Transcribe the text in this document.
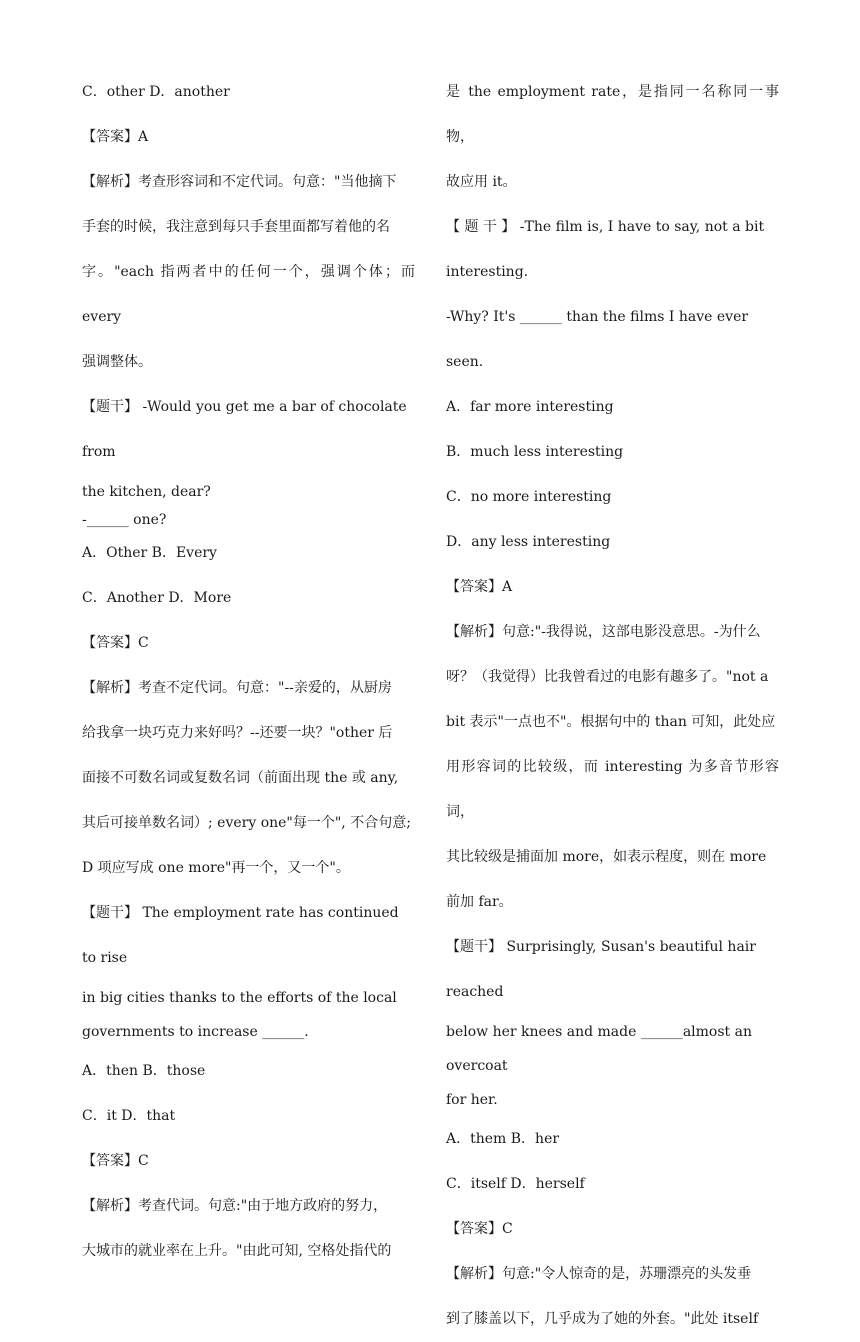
C．other D．another

【答案】A

【解析】考查形容词和不定代词。句意："当他摘下

手套的时候，我注意到每只手套里面都写着他的名

字。"each 指两者中的任何一个，强调个体；而 every

强调整体。

【题干】 -Would you get me a bar of chocolate from

the kitchen, dear?

-______ one?

A．Other B．Every

C．Another D．More

【答案】C

【解析】考查不定代词。句意："--亲爱的，从厨房

给我拿一块巧克力来好吗？--还要一块？"other 后

面接不可数名词或复数名词（前面出现 the 或 any,

其后可接单数名词）; every one"每一个", 不合句意;

D 项应写成 one more"再一个，又一个"。

【题干】 The employment rate has continued to rise

in big cities thanks to the efforts of the local

governments to increase ______.

A．then B．those

C．it D．that

【答案】C

【解析】考查代词。句意:"由于地方政府的努力，

大城市的就业率在上升。"由此可知, 空格处指代的

是 the employment rate，是指同一名称同一事物，

故应用 it。

【 题 干 】 -The film is, I have to say, not a bit

interesting.

-Why? It's ______ than the films I have ever seen.

A．far more interesting

B．much less interesting

C．no more interesting

D．any less interesting

【答案】A

【解析】句意:"-我得说，这部电影没意思。-为什么

呀？（我觉得）比我曾看过的电影有趣多了。"not a

bit 表示"一点也不"。根据句中的 than 可知，此处应

用形容词的比较级，而 interesting 为多音节形容词，

其比较级是捕面加 more，如表示程度，则在 more

前加 far。

【题干】 Surprisingly, Susan's beautiful hair reached

below her knees and made ______almost an overcoat

for her.

A．them B．her

C．itself D．herself

【答案】C

【解析】句意:"令人惊奇的是，苏珊漂亮的头发垂

到了膝盖以下，几乎成为了她的外套。"此处 itself
